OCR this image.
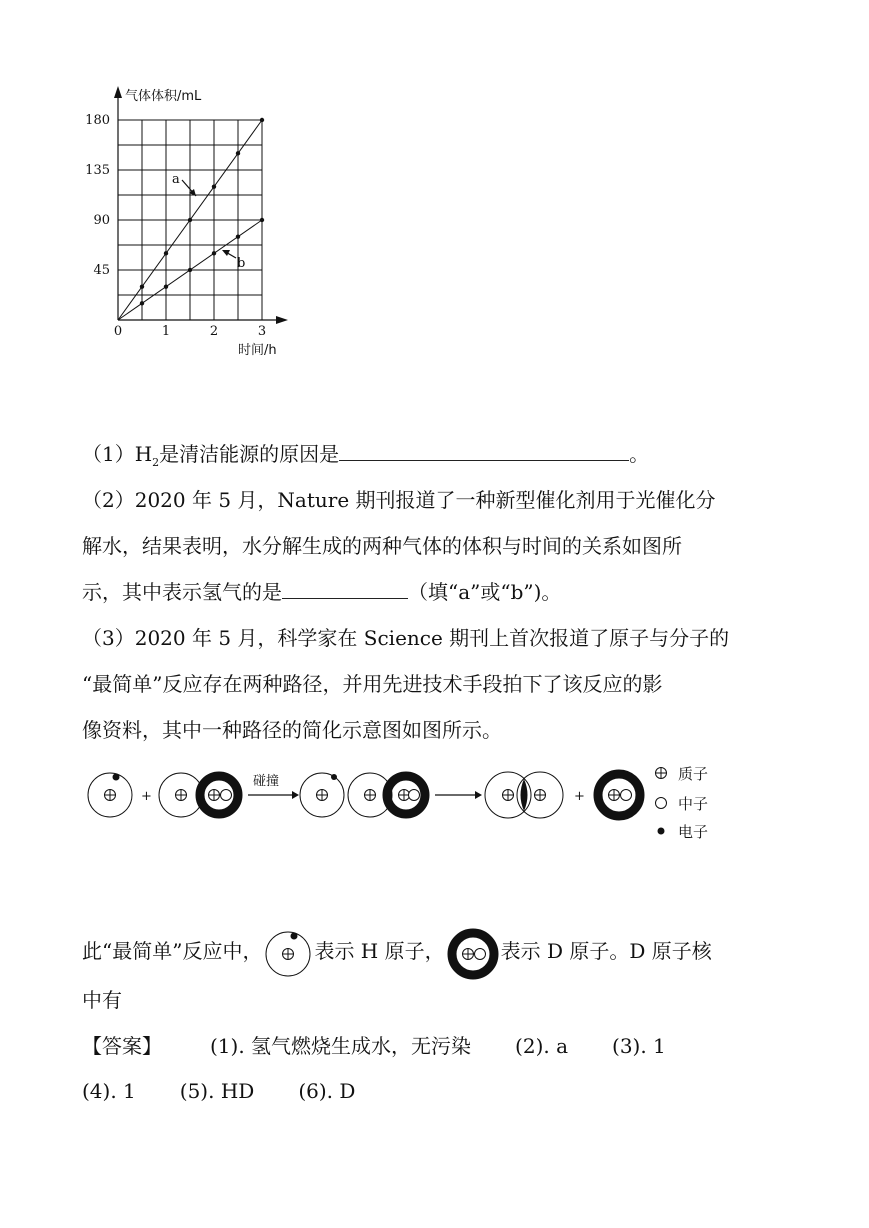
气体体积/mL
时间/h
45
90
135
180
0	1	2	3
a
b
$(1)H_2$是清洁能源的原因是	。
（2）2020 年 5 月，Nature 期刊报道了一种新型催化剂用于光催化分
解水，结果表明，水分解生成的两种气体的体积与时间的关系如图所
示，其中表示氢气的是	（填“a”或“b”)。
（3）2020 年 5 月，科学家在 Science 期刊上首次报道了原子与分子的
“最简单”反应存在两种路径，并用先进技术手段拍下了该反应的影
像资料，其中一种路径的简化示意图如图所示。
+
碰撞
+
质子
中子
电子
此“最简单”反应中，	表示 H 原子，	表示 D 原子。D 原子核
中有
【答案】 (1). 氢气燃烧生成水，无污染 (2). a (3). 1
(4). 1 (5). HD (6). D
